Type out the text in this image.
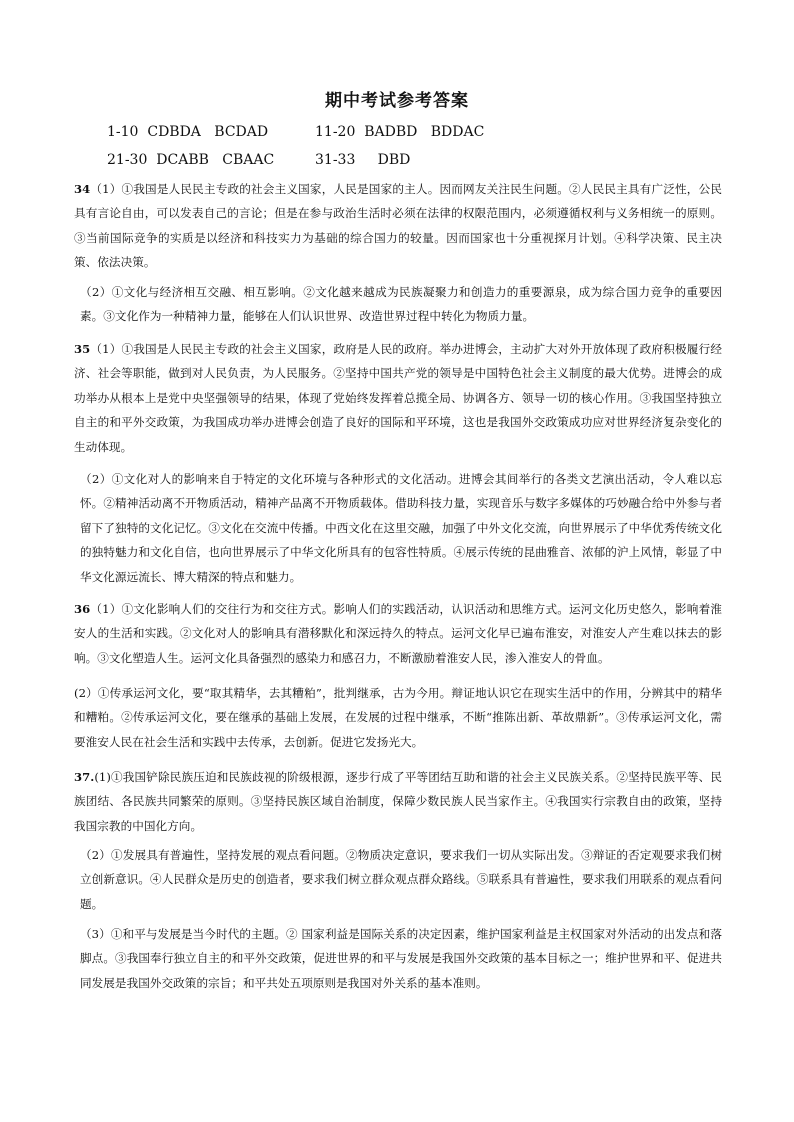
期中考试参考答案
1-10 CDBDA   BCDAD	11-20 BADBD   BDDAC
21-30 DCABB   CBAAC	31-33 DBD
34（1）①我国是人民民主专政的社会主义国家，人民是国家的主人。因而网友关注民生问题。②人民民主具有广泛性，公民具有言论自由，可以发表自己的言论；但是在参与政治生活时必须在法律的权限范围内，必须遵循权利与义务相统一的原则。③当前国际竞争的实质是以经济和科技实力为基础的综合国力的较量。因而国家也十分重视探月计划。④科学决策、民主决策、依法决策。
（2）①文化与经济相互交融、相互影响。②文化越来越成为民族凝聚力和创造力的重要源泉，成为综合国力竞争的重要因素。③文化作为一种精神力量，能够在人们认识世界、改造世界过程中转化为物质力量。
35（1）①我国是人民民主专政的社会主义国家，政府是人民的政府。举办进博会，主动扩大对外开放体现了政府积极履行经济、社会等职能，做到对人民负责，为人民服务。②坚持中国共产党的领导是中国特色社会主义制度的最大优势。进博会的成功举办从根本上是党中央坚强领导的结果，体现了党始终发挥着总揽全局、协调各方、领导一切的核心作用。③我国坚持独立自主的和平外交政策，为我国成功举办进博会创造了良好的国际和平环境，这也是我国外交政策成功应对世界经济复杂变化的生动体现。
（2）①文化对人的影响来自于特定的文化环境与各种形式的文化活动。进博会其间举行的各类文艺演出活动，令人难以忘怀。②精神活动离不开物质活动，精神产品离不开物质载体。借助科技力量，实现音乐与数字多媒体的巧妙融合给中外参与者留下了独特的文化记忆。③文化在交流中传播。中西文化在这里交融，加强了中外文化交流，向世界展示了中华优秀传统文化的独特魅力和文化自信，也向世界展示了中华文化所具有的包容性特质。④展示传统的昆曲雅音、浓郁的沪上风情，彰显了中华文化源远流长、博大精深的特点和魅力。
36（1）①文化影响人们的交往行为和交往方式。影响人们的实践活动，认识活动和思维方式。运河文化历史悠久，影响着淮安人的生活和实践。②文化对人的影响具有潜移默化和深远持久的特点。运河文化早已遍布淮安，对淮安人产生难以抹去的影响。③文化塑造人生。运河文化具备强烈的感染力和感召力，不断激励着淮安人民，渗入淮安人的骨血。
(2）①传承运河文化，要“取其精华，去其糟粕”，批判继承，古为今用。辩证地认识它在现实生活中的作用，分辨其中的精华和糟粕。②传承运河文化，要在继承的基础上发展，在发展的过程中继承，不断“推陈出新、革故鼎新”。③传承运河文化，需要淮安人民在社会生活和实践中去传承，去创新。促进它发扬光大。
37.(1)①我国铲除民族压迫和民族歧视的阶级根源，逐步行成了平等团结互助和谐的社会主义民族关系。②坚持民族平等、民族团结、各民族共同繁荣的原则。③坚持民族区域自治制度，保障少数民族人民当家作主。④我国实行宗教自由的政策，坚持我国宗教的中国化方向。
（2）①发展具有普遍性，坚持发展的观点看问题。②物质决定意识，要求我们一切从实际出发。③辩证的否定观要求我们树立创新意识。④人民群众是历史的创造者，要求我们树立群众观点群众路线。⑤联系具有普遍性，要求我们用联系的观点看问题。
（3）①和平与发展是当今时代的主题。② 国家利益是国际关系的决定因素，维护国家利益是主权国家对外活动的出发点和落脚点。③我国奉行独立自主的和平外交政策，促进世界的和平与发展是我国外交政策的基本目标之一；维护世界和平、促进共同发展是我国外交政策的宗旨；和平共处五项原则是我国对外关系的基本准则。
